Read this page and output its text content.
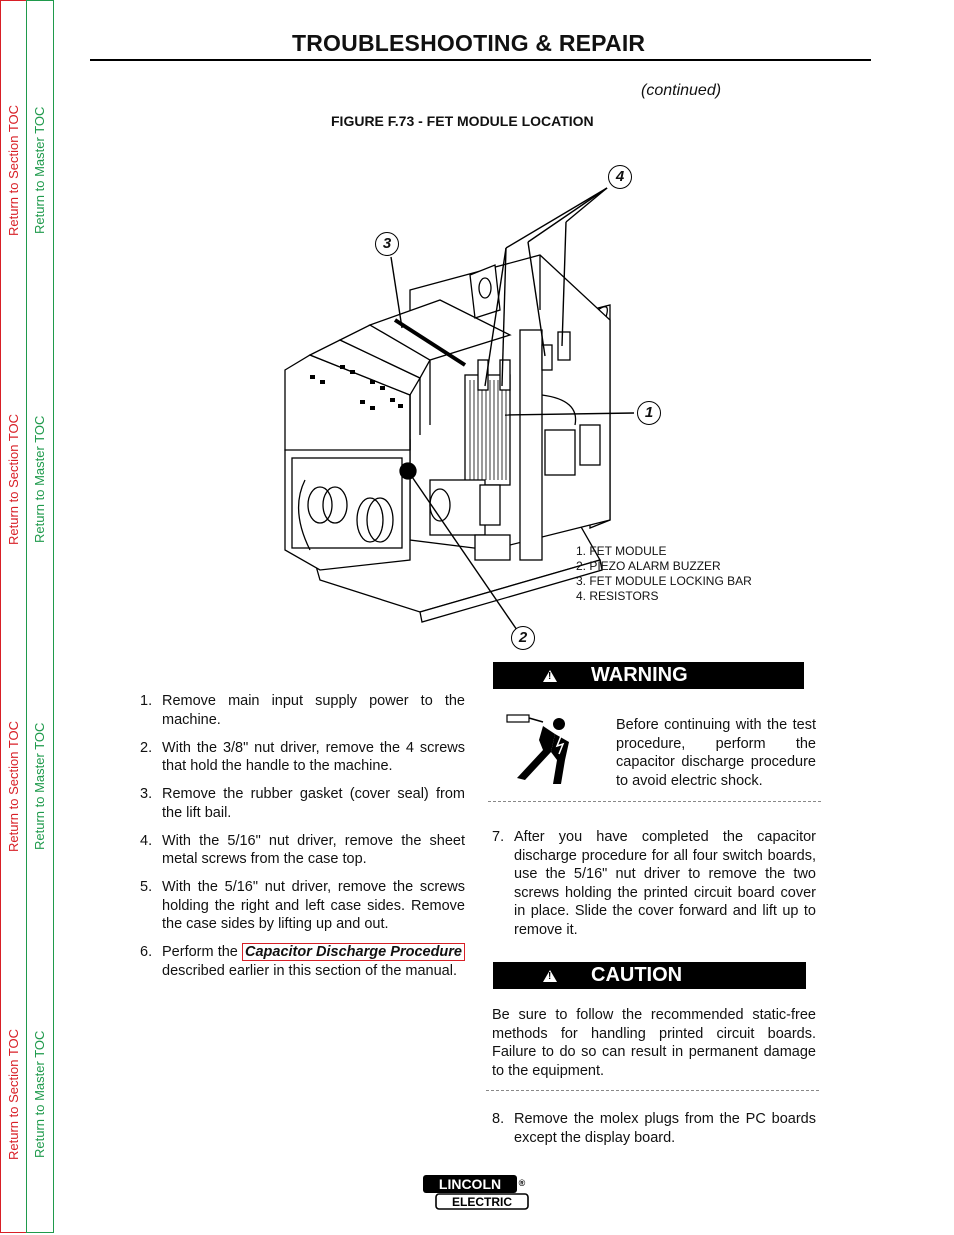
Return to Section TOC Return to Master TOC
Return to Section TOC Return to Master TOC
Return to Section TOC Return to Master TOC
Return to Section TOC Return to Master TOC
TROUBLESHOOTING & REPAIR
(continued)
FIGURE F.73 - FET MODULE LOCATION
4
3
1
2
1. FET MODULE
2. PIEZO ALARM BUZZER
3. FET MODULE LOCKING BAR
4. RESISTORS
1. Remove main input supply power to the machine.
2. With the 3/8" nut driver, remove the 4 screws that hold the handle to the machine.
3. Remove the rubber gasket (cover seal) from the lift bail.
4. With the 5/16" nut driver, remove the sheet metal screws from the case top.
5. With the 5/16" nut driver, remove the screws holding the right and left case sides. Remove the case sides by lifting up and out.
6. Perform the Capacitor Discharge Procedure described earlier in this section of the manual.
!
WARNING
Before continuing with the test procedure, perform the capacitor discharge procedure to avoid electric shock.
7. After you have completed the capacitor discharge procedure for all four switch boards, use the 5/16" nut driver to remove the two screws holding the printed circuit board cover in place. Slide the cover forward and lift up to remove it.
!
CAUTION
Be sure to follow the recommended static-free methods for handling printed circuit boards. Failure to do so can result in permanent damage to the equipment.
8. Remove the molex plugs from the PC boards except the display board.
LINCOLN
ELECTRIC
®
